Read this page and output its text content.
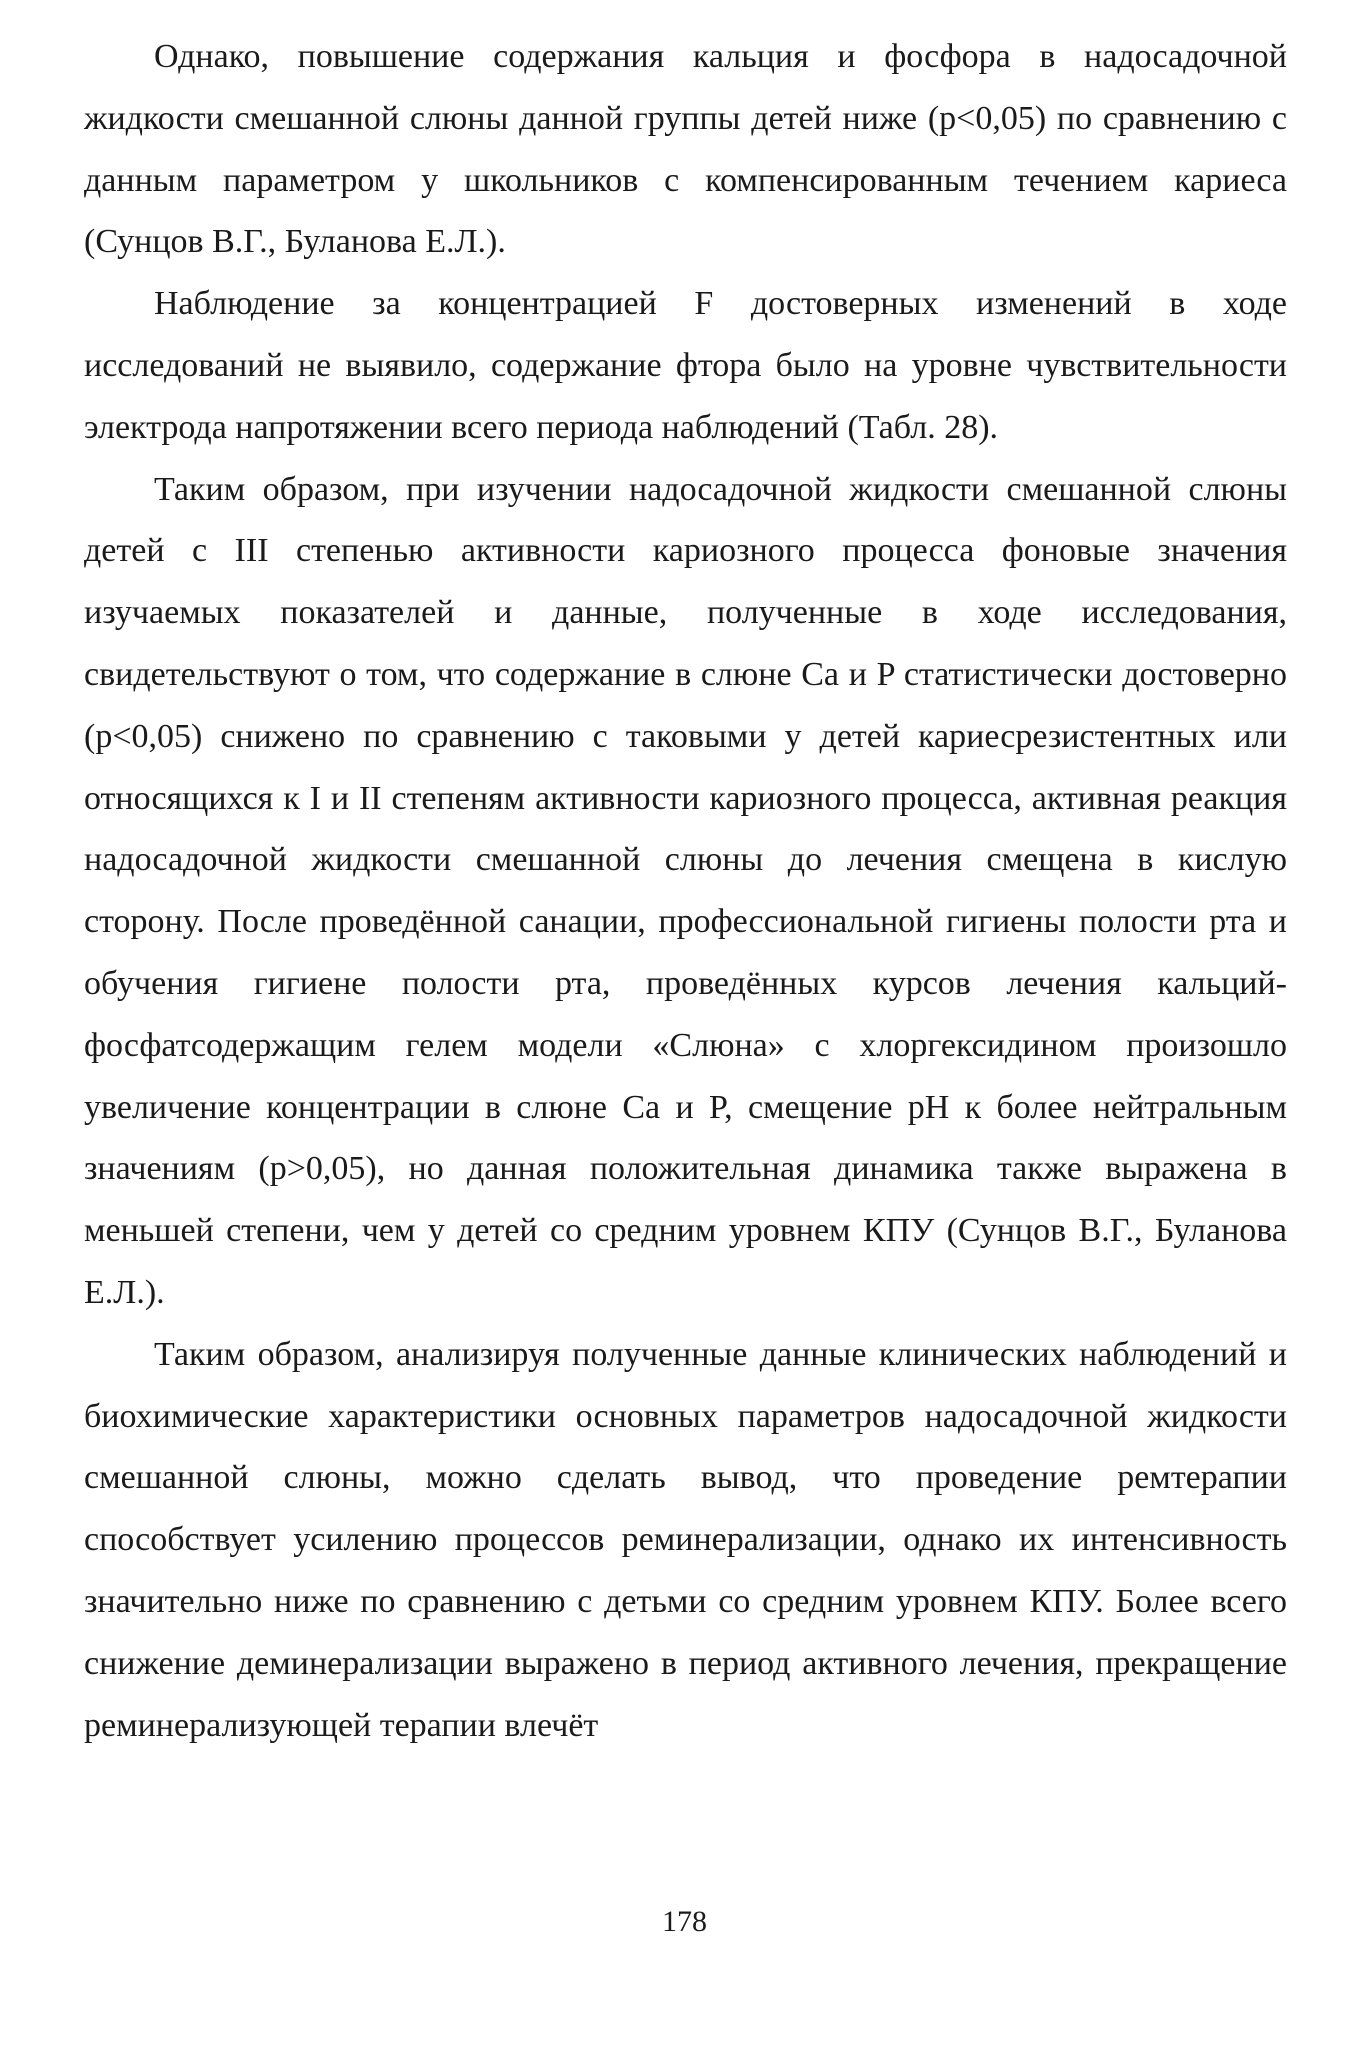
Однако, повышение содержания кальция и фосфора в надосадочной жидкости смешанной слюны данной группы детей ниже (p<0,05) по сравнению с данным параметром у школьников с компенсированным течением кариеса (Сунцов В.Г., Буланова Е.Л.).

Наблюдение за концентрацией F достоверных изменений в ходе исследований не выявило, содержание фтора было на уровне чувствительности электрода напротяжении всего периода наблюдений (Табл. 28).

Таким образом, при изучении надосадочной жидкости смешанной слюны детей с III степенью активности кариозного процесса фоновые значения изучаемых показателей и данные, полученные в ходе исследования, свидетельствуют о том, что содержание в слюне Ca и P статистически достоверно (p<0,05) снижено по сравнению с таковыми у детей кариесрезистентных или относящихся к I и II степеням активности кариозного процесса, активная реакция надосадочной жидкости смешанной слюны до лечения смещена в кислую сторону. После проведённой санации, профессиональной гигиены полости рта и обучения гигиене полости рта, проведённых курсов лечения кальций-фосфатсодержащим гелем модели «Слюна» с хлоргексидином произошло увеличение концентрации в слюне Ca и P, смещение pH к более нейтральным значениям (p>0,05), но данная положительная динамика также выражена в меньшей степени, чем у детей со средним уровнем КПУ (Сунцов В.Г., Буланова Е.Л.).

Таким образом, анализируя полученные данные клинических наблюдений и биохимические характеристики основных параметров надосадочной жидкости смешанной слюны, можно сделать вывод, что проведение ремтерапии способствует усилению процессов реминерализации, однако их интенсивность значительно ниже по сравнению с детьми со средним уровнем КПУ. Более всего снижение деминерализации выражено в период активного лечения, прекращение реминерализующей терапии влечёт

178
